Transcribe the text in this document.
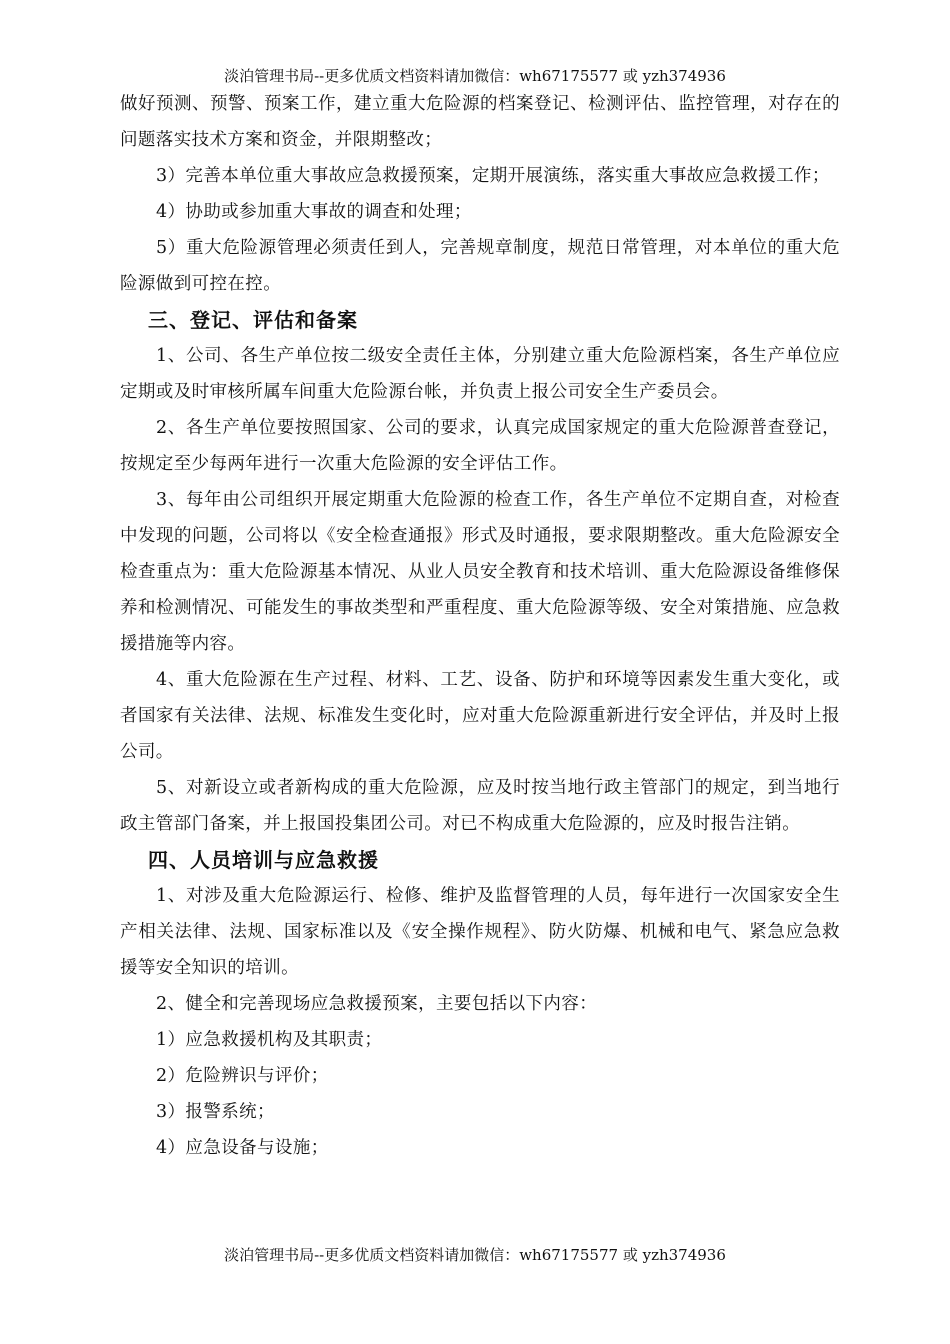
淡泊管理书局--更多优质文档资料请加微信：wh67175577 或 yzh374936

做好预测、预警、预案工作，建立重大危险源的档案登记、检测评估、监控管理，对存在的问题落实技术方案和资金，并限期整改；

3）完善本单位重大事故应急救援预案，定期开展演练，落实重大事故应急救援工作；

4）协助或参加重大事故的调查和处理；

5）重大危险源管理必须责任到人，完善规章制度，规范日常管理，对本单位的重大危险源做到可控在控。

三、登记、评估和备案

1、公司、各生产单位按二级安全责任主体，分别建立重大危险源档案，各生产单位应定期或及时审核所属车间重大危险源台帐，并负责上报公司安全生产委员会。

2、各生产单位要按照国家、公司的要求，认真完成国家规定的重大危险源普查登记，按规定至少每两年进行一次重大危险源的安全评估工作。

3、每年由公司组织开展定期重大危险源的检查工作，各生产单位不定期自查，对检查中发现的问题，公司将以《安全检查通报》形式及时通报，要求限期整改。重大危险源安全检查重点为：重大危险源基本情况、从业人员安全教育和技术培训、重大危险源设备维修保养和检测情况、可能发生的事故类型和严重程度、重大危险源等级、安全对策措施、应急救援措施等内容。

4、重大危险源在生产过程、材料、工艺、设备、防护和环境等因素发生重大变化，或者国家有关法律、法规、标准发生变化时，应对重大危险源重新进行安全评估，并及时上报公司。

5、对新设立或者新构成的重大危险源，应及时按当地行政主管部门的规定，到当地行政主管部门备案，并上报国投集团公司。对已不构成重大危险源的，应及时报告注销。

四、人员培训与应急救援

1、对涉及重大危险源运行、检修、维护及监督管理的人员，每年进行一次国家安全生产相关法律、法规、国家标准以及《安全操作规程》、防火防爆、机械和电气、紧急应急救援等安全知识的培训。

2、健全和完善现场应急救援预案，主要包括以下内容：

1）应急救援机构及其职责；

2）危险辨识与评价；

3）报警系统；

4）应急设备与设施；

淡泊管理书局--更多优质文档资料请加微信：wh67175577 或 yzh374936
